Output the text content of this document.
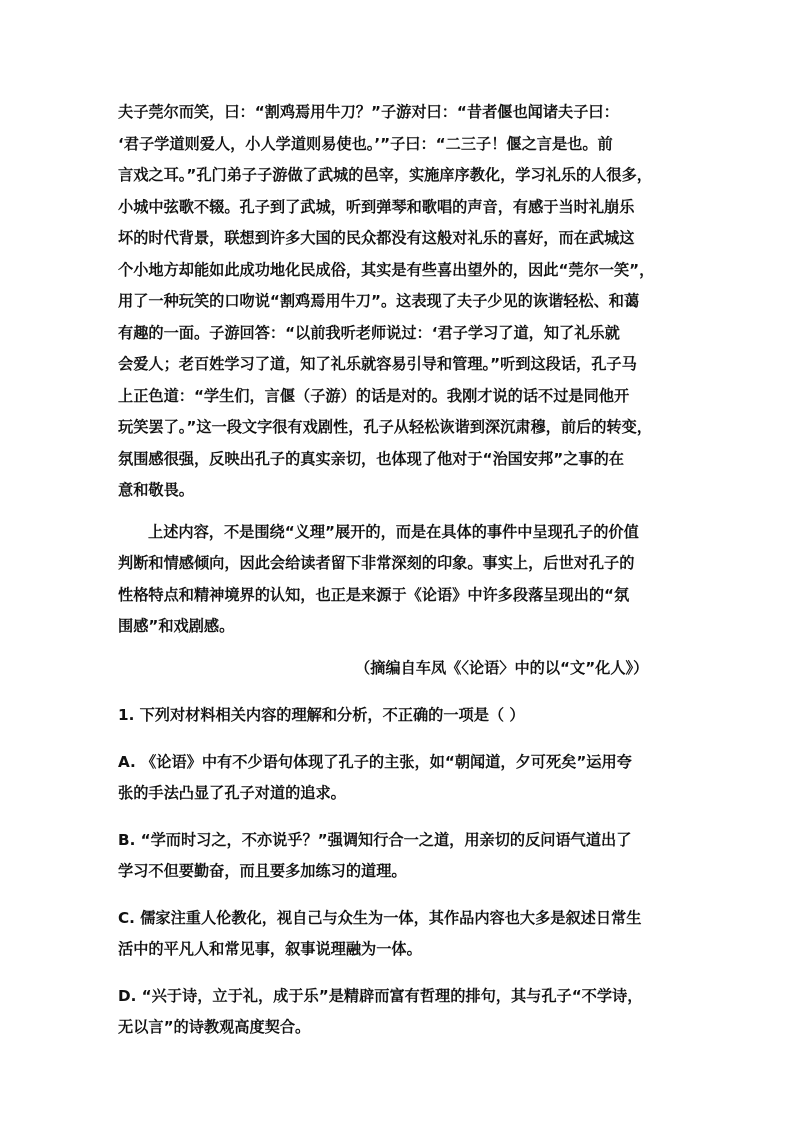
夫子莞尔而笑，曰：“割鸡焉用牛刀？”子游对曰：“昔者偃也闻诸夫子曰：
‘君子学道则爱人，小人学道则易使也。’”子曰：“二三子！偃之言是也。前
言戏之耳。”孔门弟子子游做了武城的邑宰，实施庠序教化，学习礼乐的人很多，
小城中弦歌不辍。孔子到了武城，听到弹琴和歌唱的声音，有感于当时礼崩乐
坏的时代背景，联想到许多大国的民众都没有这般对礼乐的喜好，而在武城这
个小地方却能如此成功地化民成俗，其实是有些喜出望外的，因此“莞尔一笑”，
用了一种玩笑的口吻说“割鸡焉用牛刀”。这表现了夫子少见的诙谐轻松、和蔼
有趣的一面。子游回答：“以前我听老师说过：‘君子学习了道，知了礼乐就
会爱人；老百姓学习了道，知了礼乐就容易引导和管理。”听到这段话，孔子马
上正色道：“学生们，言偃（子游）的话是对的。我刚才说的话不过是同他开
玩笑罢了。”这一段文字很有戏剧性，孔子从轻松诙谐到深沉肃穆，前后的转变，
氛围感很强，反映出孔子的真实亲切，也体现了他对于“治国安邦”之事的在
意和敬畏。
上述内容，不是围绕“义理”展开的，而是在具体的事件中呈现孔子的价值
判断和情感倾向，因此会给读者留下非常深刻的印象。事实上，后世对孔子的
性格特点和精神境界的认知，也正是来源于《论语》中许多段落呈现出的“氛
围感”和戏剧感。
（摘编自车凤《〈论语〉中的以“文”化人》）
1. 下列对材料相关内容的理解和分析，不正确的一项是（ ）
A. 《论语》中有不少语句体现了孔子的主张，如“朝闻道，夕可死矣”运用夸
张的手法凸显了孔子对道的追求。
B. “学而时习之，不亦说乎？”强调知行合一之道，用亲切的反问语气道出了
学习不但要勤奋，而且要多加练习的道理。
C. 儒家注重人伦教化，视自己与众生为一体，其作品内容也大多是叙述日常生
活中的平凡人和常见事，叙事说理融为一体。
D. “兴于诗，立于礼，成于乐”是精辟而富有哲理的排句，其与孔子“不学诗，
无以言”的诗教观高度契合。
